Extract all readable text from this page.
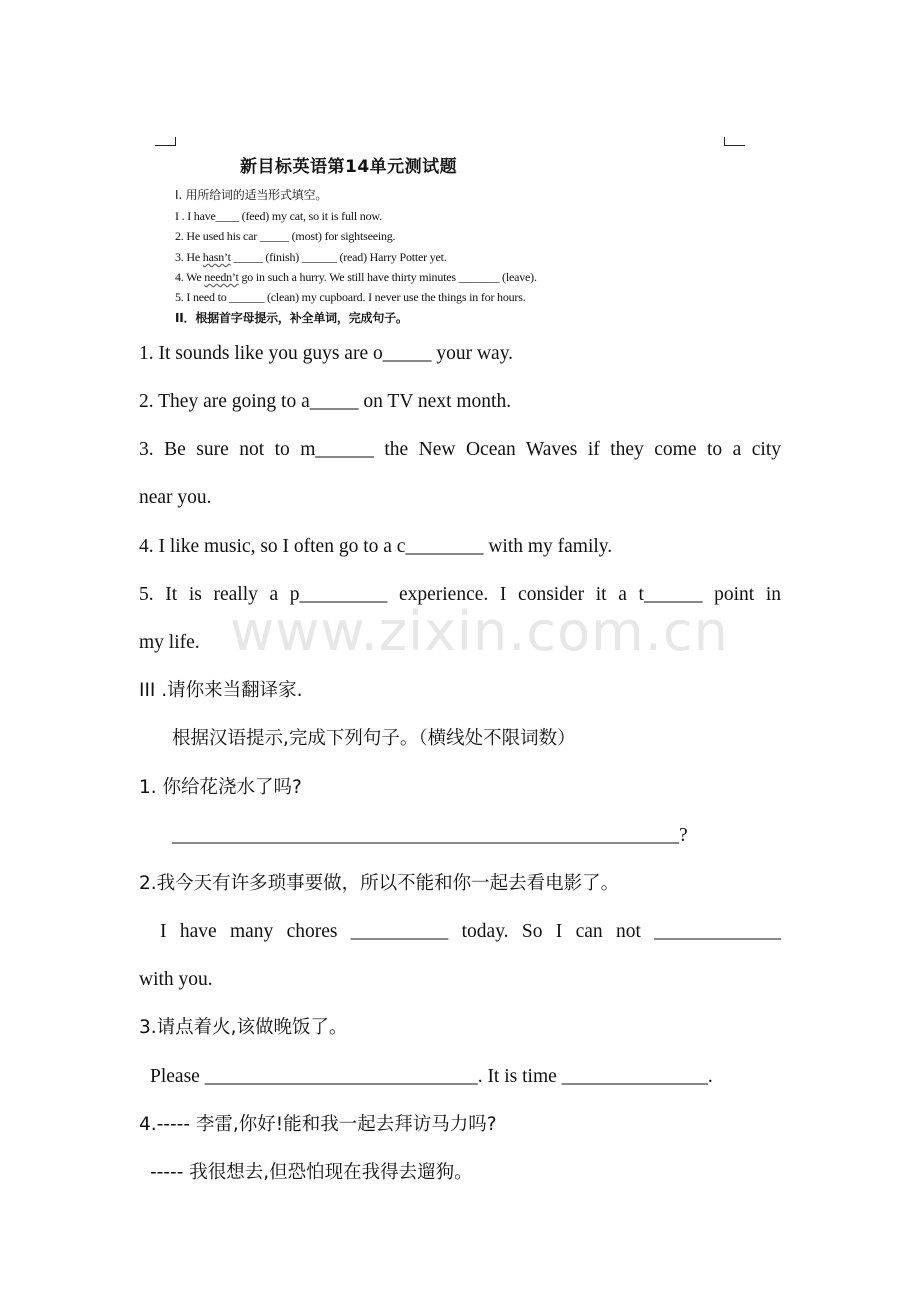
新目标英语第14单元测试题
I. 用所给词的适当形式填空。
I . I have____ (feed) my cat, so it is full now.
2. He used his car _____ (most) for sightseeing.
3. He hasn’t _____ (finish) ______ (read) Harry Potter yet.
4. We needn’t go in such a hurry. We still have thirty minutes _______ (leave).
5. I need to ______ (clean) my cupboard. I never use the things in for hours.
II．根据首字母提示，补全单词，完成句子。
1. It sounds like you guys are o_____ your way.
2. They are going to a_____ on TV next month.
3. Be sure not to m______ the New Ocean Waves if they come to a city
near you.
4. I like music, so I often go to a c________ with my family.
5. It is really a p_________ experience. I consider it a t______ point in
my life.
III .请你来当翻译家.
根据汉语提示,完成下列句子。（横线处不限词数）
1. 你给花浇水了吗?
____________________________________________________?
2.我今天有许多琐事要做，所以不能和你一起去看电影了。
I have many chores __________ today. So I can not _____________
with you.
3.请点着火,该做晚饭了。
Please ____________________________. It is time _______________.
4.----- 李雷,你好!能和我一起去拜访马力吗?
----- 我很想去,但恐怕现在我得去遛狗。
www.zixin.com.cn
